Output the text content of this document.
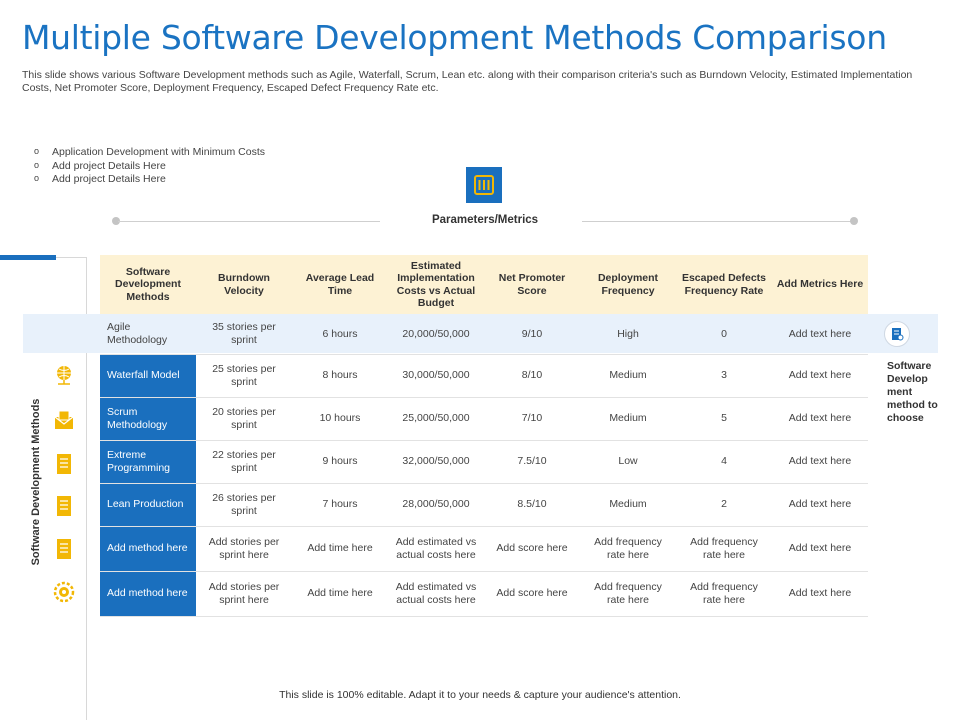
Multiple Software Development Methods Comparison
This slide shows various Software Development methods such as Agile, Waterfall, Scrum, Lean etc. along with their comparison criteria's such as Burndown Velocity, Estimated Implementation Costs, Net Promoter Score, Deployment Frequency, Escaped Defect Frequency Rate etc.
o Application Development with Minimum Costs
o Add project Details Here
o Add project Details Here
Parameters/Metrics
Software Development Methods
Software Development Methods	Burndown Velocity	Average Lead Time	Estimated Implementation Costs vs Actual Budget	Net Promoter Score	Deployment Frequency	Escaped Defects Frequency Rate	Add Metrics Here
Agile Methodology	35 stories per sprint	6 hours	20,000/50,000	9/10	High	0	Add text here
Waterfall Model	25 stories per sprint	8 hours	30,000/50,000	8/10	Medium	3	Add text here
Scrum Methodology	20 stories per sprint	10 hours	25,000/50,000	7/10	Medium	5	Add text here
Extreme Programming	22 stories per sprint	9 hours	32,000/50,000	7.5/10	Low	4	Add text here
Lean Production	26 stories per sprint	7 hours	28,000/50,000	8.5/10	Medium	2	Add text here
Add method here	Add stories per sprint here	Add time here	Add estimated vs actual costs here	Add score here	Add frequency rate here	Add frequency rate here	Add text here
Add method here	Add stories per sprint here	Add time here	Add estimated vs actual costs here	Add score here	Add frequency rate here	Add frequency rate here	Add text here
Software Develop ment method to choose
This slide is 100% editable. Adapt it to your needs & capture your audience's attention.
